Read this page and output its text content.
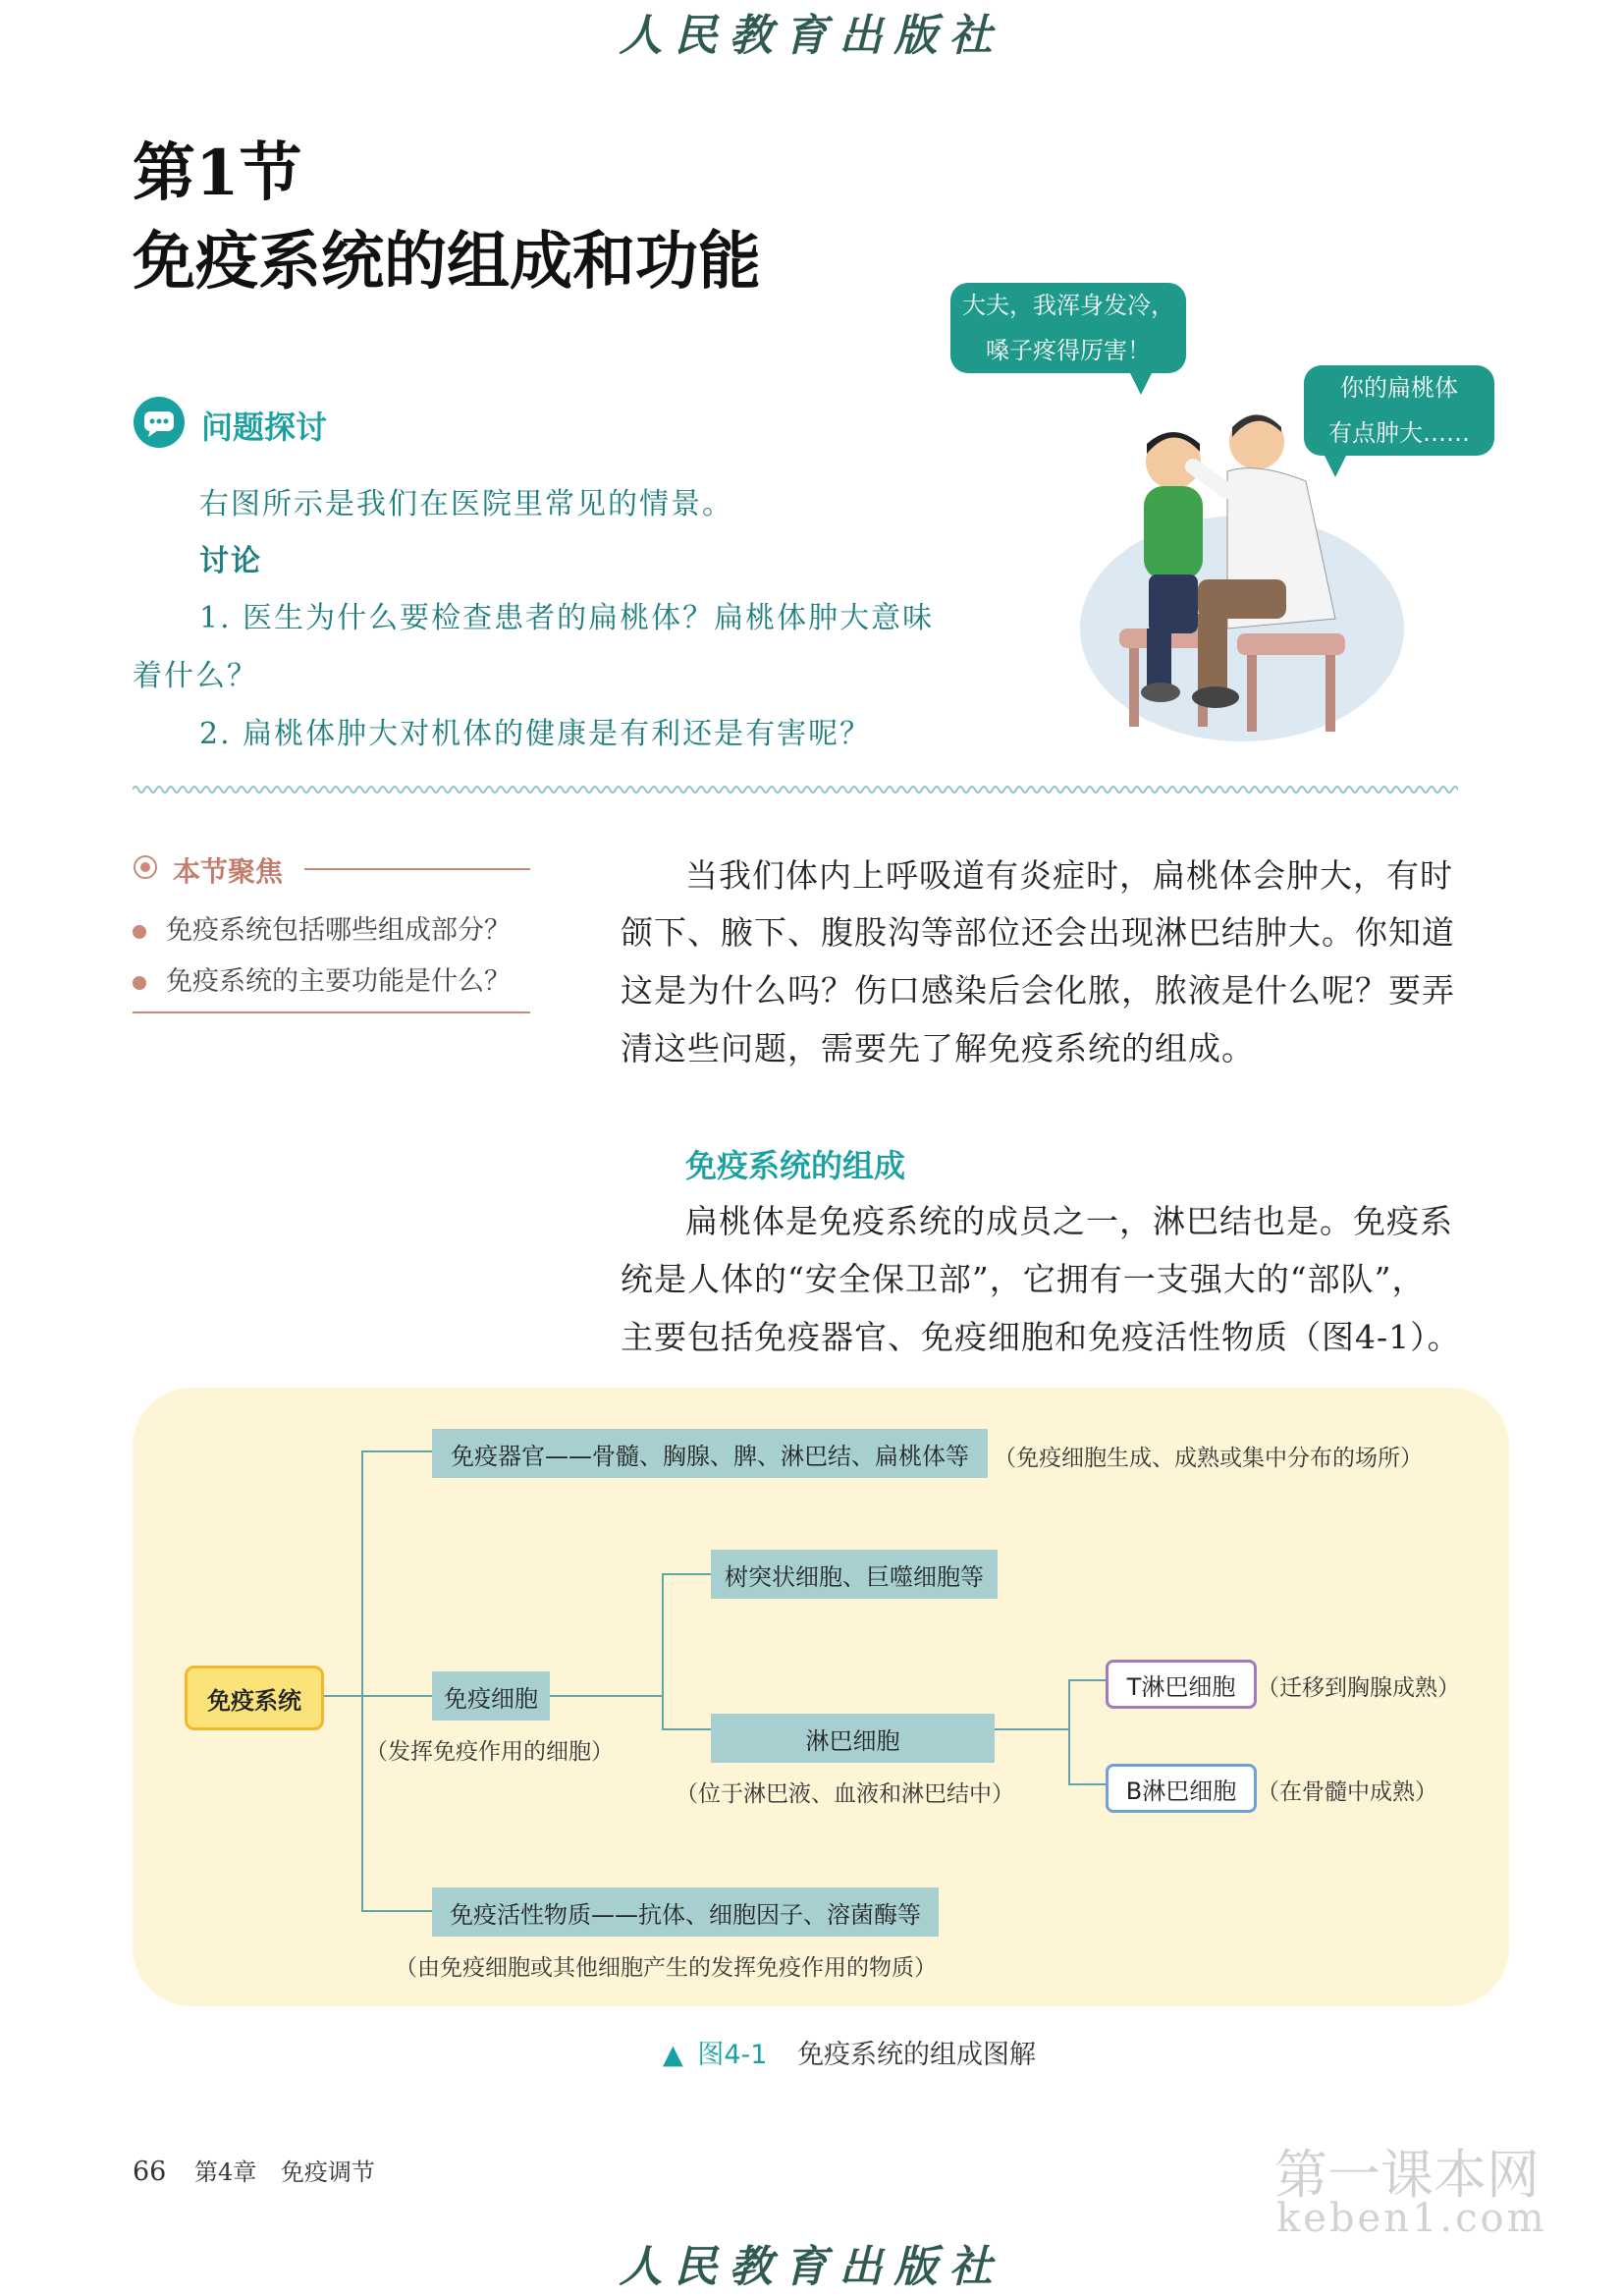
人民教育出版社
第1节
免疫系统的组成和功能
问题探讨
右图所示是我们在医院里常见的情景。
讨论
1. 医生为什么要检查患者的扁桃体？扁桃体肿大意味
着什么？
2. 扁桃体肿大对机体的健康是有利还是有害呢？
大夫，我浑身发冷，
嗓子疼得厉害！
你的扁桃体
有点肿大……
本节聚焦
免疫系统包括哪些组成部分？
免疫系统的主要功能是什么？
当我们体内上呼吸道有炎症时，扁桃体会肿大，有时
颌下、腋下、腹股沟等部位还会出现淋巴结肿大。你知道
这是为什么吗？伤口感染后会化脓，脓液是什么呢？要弄
清这些问题，需要先了解免疫系统的组成。
免疫系统的组成
扁桃体是免疫系统的成员之一，淋巴结也是。免疫系
统是人体的“安全保卫部”，它拥有一支强大的“部队”，
主要包括免疫器官、免疫细胞和免疫活性物质（图4-1）。
免疫系统
免疫器官——骨髓、胸腺、脾、淋巴结、扁桃体等	（免疫细胞生成、成熟或集中分布的场所）
免疫细胞
（发挥免疫作用的细胞）
树突状细胞、巨噬细胞等
淋巴细胞
（位于淋巴液、血液和淋巴结中）
T淋巴细胞 （迁移到胸腺成熟）
B淋巴细胞 （在骨髓中成熟）
免疫活性物质——抗体、细胞因子、溶菌酶等
（由免疫细胞或其他细胞产生的发挥免疫作用的物质）
▲ 图4-1 免疫系统的组成图解
66 第4章 免疫调节	第一课本网
keben1.com
人民教育出版社
